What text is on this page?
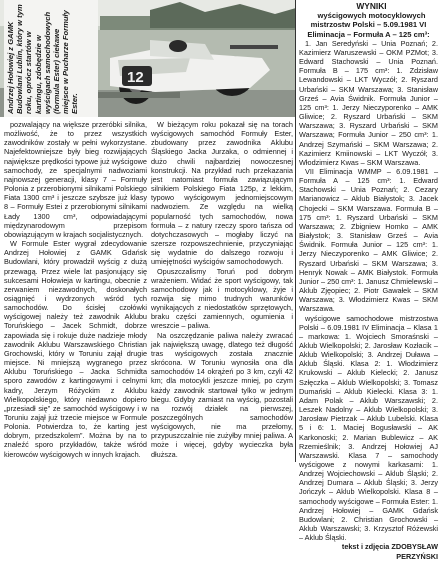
12
Andrzej Hołowiej z GAMK Budowlani Lublin, który w tym roku, oprócz startów w kartingu, zdobędzie w wyścigach samochodowych (formula Ester) ciekawe miejsce w Pucharze Formuły Ester.

pozwalający na większe przeróbki silnika, możliwość, że to przez wszystkich zawodników zostały w pełni wykorzystane. Najefektowniejsze były bieg rozwijających największe prędkości typowe już wyścigowe samochody, ze specjalnymi nadwoziami najnowszej generacji, klasy 7 – Formuły Polonia z przerobionymi silnikami Polskiego Fiata 1300 cm³ i jeszcze szybsze już klasy 8 – Formuły Estei z przerobionymi silnikami Łady 1300 cm³, odpowiadającymi międzynarodowym przepisom obowiązującym w krajach socjalistycznych.

W Formule Ester wygrał zdecydowanie Andrzej Hołowiej z GAMK Gdańsk Budowlani, który prowadził wyścig z dużą przewagą. Przez wiele lat pasjonujący się sukcesami Hołowieja w kartingu, obecnie z zerwaniem niezawodnych, doskonałych osiągnięć i wydrzonych wśród tych samochodów. Do ścisłej czołówki wyścigowej należy też zawodnik Aklubu Toruńskiego – Jacek Schmidt, dobrze zapowiada się i rokuje duże nadzieje młody zawodnik Aklubu Warszawskiego Christian Grochowski, który w Toruniu zajął drugie miejsce. Ni mniejszą wygranego przez Aklubu Toruńskiego – Jacka Schmidta sporo zawodów z kartingowymi i celnymi kadry, Jerzym Różyckim z Aklubu Wielkopolskiego, który niedawno dopiero „przesiadł się” ze samochód wyścigowy i w Toruniu zajął już trzecie miejsce w Formule Polonia. Potwierdza to, że karting jest dobrym, przedszkolem”. Można by na to znaleźć sporo przykładów, także wśród kierowców wyścigowych w innych krajach.

W bieżącym roku pokazał się na torach wyścigowych samochód Formuły Ester, zbudowany przez zawodnika Aklubu Śląskiego Jacka Jurzaka, o odmiennej i dużo chwili najbardziej nowoczesnej konstrukcji. Na przykład ruch przekazania jest natomiast formuła zawiązującym silnikiem Polskiego Fiata 125p, z lekkim, typowo wyścigowym jednomiejscowym nadwoziem. Ze względu na wielką popularność tych samochodów, nowa formuła – z natury rzeczy sporo tańsza od dotychczasowych – mogłaby liczyć na szersze rozpowszechnienie, przyczyniając się wydatnie do dalszego rozwoju i umiejętności wyścigów samochodowych.

Opuszczalismy Toruń pod dobrym wrażeniem. Widać że sport wyścigowy, tak samochodowy jak i motocyklowy, żyje i rozwija się mimo trudnych warunków wynikających z niedostatków sprzętowych, braku części zamiennych, ogumienia i wreszcie – paliwa.

Na oszczędzanie paliwa należy zwracać jak największą uwagę, dlatego też długość tras wyścigowych została znacznie skrócona. W Toruniu wynosiła ona dla samochodów 14 okrążeń po 3 km, czyli 42 km; dla motocykli jeszcze mniej, po czym każdy zawodnik startował tylko w jednym biegu. Gdyby zamiast na wyścig, pozostali na rozwój działek na pierwszej, poszczególnych samochodów wyścigowych, nie ma przełomy, przypuszczalnie nie zużyłby mniej paliwa. A może i więcej, gdyby wycieczka była dłuższa.

WYNIKI

wyścigowych motocyklowych mistrzostw Polski – 5.09.1981 VI Eliminacja – Formuła A – 125 cm³:

1. Jan Seredyński – Unia Poznań; 2. Kazimierz Waruszewski – OKM PZMot; 3. Edward Stachowski – Unia Poznań. Formuła B – 175 cm³: 1. Zdzisław Lewandowski – LKT Wyczół; 2. Ryszard Urbański – SKM Warszawa; 3. Stanisław Grześ – Avia Świdnik. Formuła Junior – 125 cm³: 1. Jerzy Nieczyporenko – AMK Gliwice; 2. Ryszard Urbański – SKM Warszawa; 3. Ryszard Urbański – SKM Warszawa; Formuła Junior – 250 cm³: 1. Andrzej Szymański – SKM Warszawa; 2. Kazimierz Kmiinowski – LKT Wyczół; 3. Włodzimierz Kwas – SKM Warszawa.

VII Eliminacja WMMP – 6.09.1981 – Formuła A – 125 cm³: 1. Edward Stachowski – Unia Poznań; 2. Cezary Marianowicz – Aklub Białystok; 3. Jacek Chojecki – SKM Warszawa. Formuła B – 175 cm³: 1. Ryszard Urbański – SKM Warszawa; 2. Zbigniew Homko – AMK Białystok; 3. Stanisław Grześ – Avia Świdnik. Formuła Junior – 125 cm³: 1. Jerzy Nieczyporenko – AMK Gliwice; 2. Ryszard Urbański – SKM Warszawa; 3. Henryk Nowak – AMK Białystok. Formuła Junior – 250 cm³: 1. Janusz Chmielewski – Aklub Zjęopiec; 2. Piotr Gawałek – SKM Warszawa; 3. Włodzimierz Kwas – SKM Warszawa.

wyścigowe samochodowe mistrzostwa Polski – 6.09.1981 IV Eliminacja – Klasa 1 – markowa: 1. Wojciech Smoraśnski – Aklub Wielkopolski; 2. Jarosław Kozłacik – Aklub Wielkopolski; 3. Andrzej Duława – Aklub Śląski. Klasa 2: 1. Włodzimierz Krukowski – Aklub Kielecki; 2. Janusz Szłęczka – Aklub Wielkopolski; 3. Tomasz Dumański – Aklub Kielecki. Klasa 3: 1. Adam Polak – Aklub Warszawski; 2. Leszek Nadolny – Aklub Wielkopolski; 3. Jarosław Pietrzak – Aklub Lubelski. Klasa 5 i 6: 1. Maciej Bogusławski – AK Karkonoski; 2. Marian Bublewicz – AK Rzemieślnik; 3. Andrzej Hołowiej AJ Warszawski. Klasa 7 – samochody wyścigowe z nowymi karkasami: 1. Andrzej Wojciechowski – Aklub Śląski; 2. Andrzej Dumara – Aklub Śląski; 3. Jerzy Jończyk – Aklub Wielkopolski. Klasa 8 – samochody wyścigowe – Formuła Ester: 1. Andrzej Hołowiej – GAMK Gdańsk Budowlani; 2. Christian Grochowski – Aklub Warszawski; 3. Krzysztof Różewski – Aklub Śląski.

tekst i zdjęcia ZDOBYSŁAW PERZYŃSKI
